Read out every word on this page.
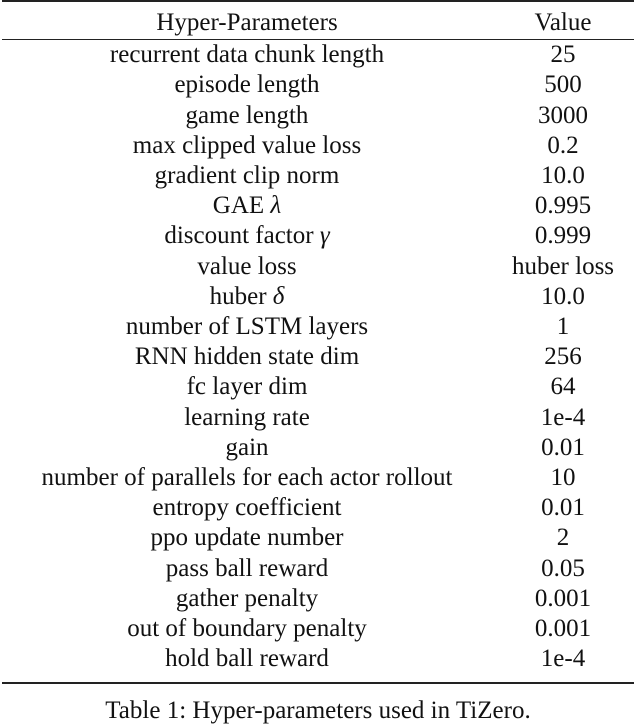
Hyper-Parameters	Value
recurrent data chunk length	25
episode length	500
game length	3000
max clipped value loss	0.2
gradient clip norm	10.0
GAE λ	0.995
discount factor γ	0.999
value loss	huber loss
huber δ	10.0
number of LSTM layers	1
RNN hidden state dim	256
fc layer dim	64
learning rate	1e-4
gain	0.01
number of parallels for each actor rollout	10
entropy coefficient	0.01
ppo update number	2
pass ball reward	0.05
gather penalty	0.001
out of boundary penalty	0.001
hold ball reward	1e-4
Table 1: Hyper-parameters used in TiZero.
